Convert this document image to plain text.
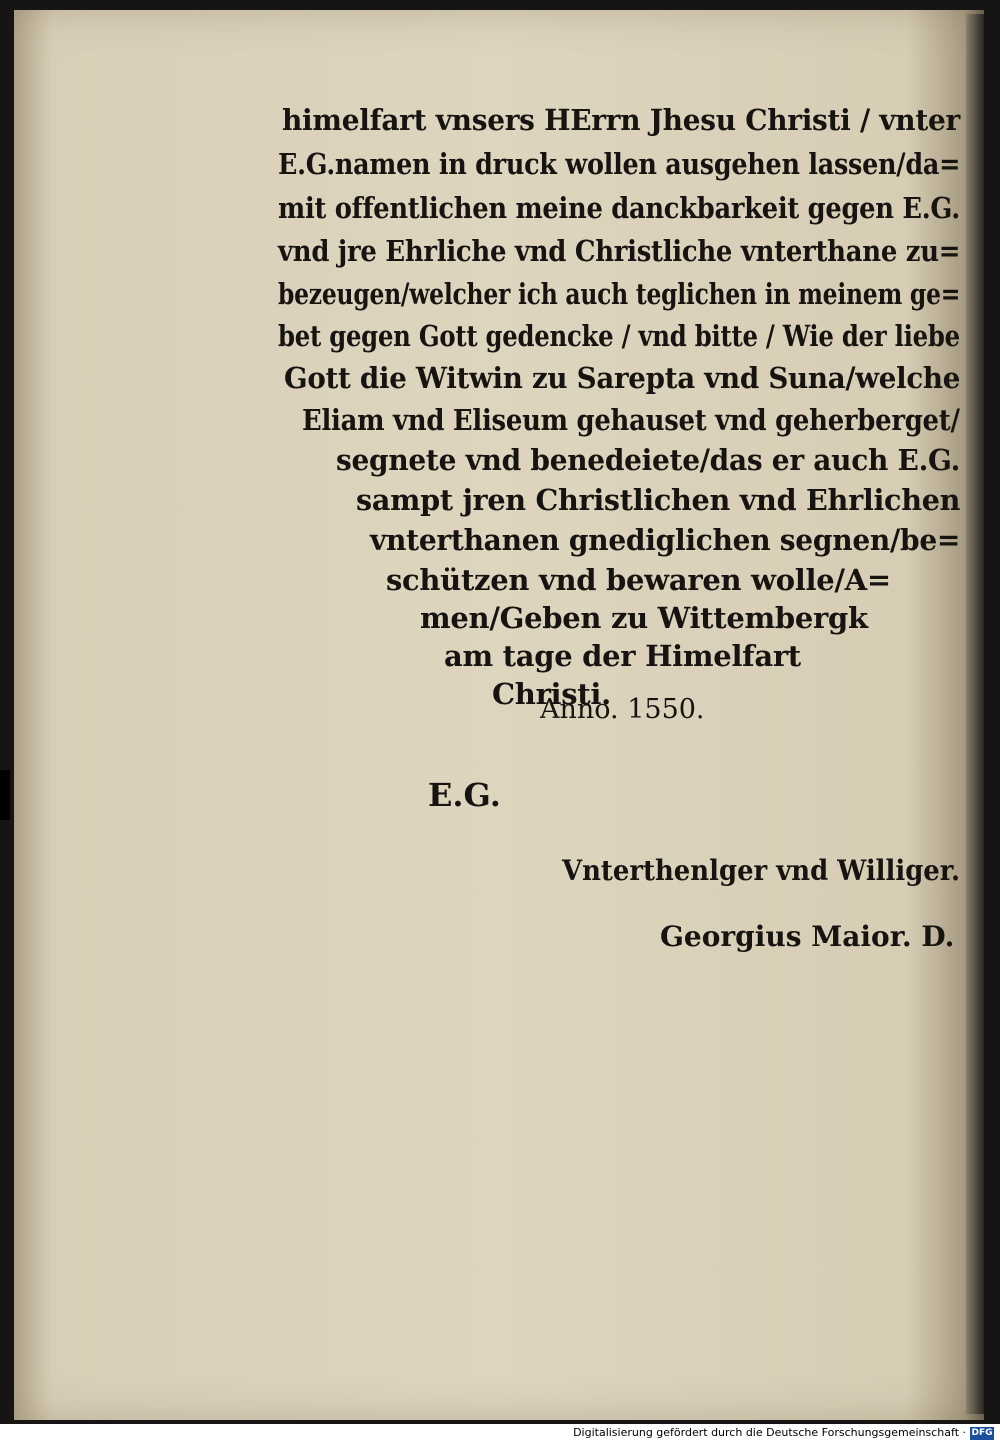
himelfart vnsers HErrn Jhesu Christi / vnter
E.G.namen in druck wollen ausgehen lassen/da=
mit offentlichen meine danckbarkeit gegen E.G.
vnd jre Ehrliche vnd Christliche vnterthane zu=
bezeugen/welcher ich auch teglichen in meinem ge=
bet gegen Gott gedencke / vnd bitte / Wie der liebe
Gott die Witwin zu Sarepta vnd Suna/welche
Eliam vnd Eliseum gehauset vnd geherberget/
segnete vnd benedeiete/das er auch E.G.
sampt jren Christlichen vnd Ehrlichen
vnterthanen gnediglichen segnen/be=
schützen vnd bewaren wolle/A=
men/Geben zu Wittembergk
am tage der Himelfart
Christi.
Anno. 1550.
E.G.
Vnterthenlger vnd Williger.
Georgius Maior. D.
Digitalisierung gefördert durch die Deutsche Forschungsgemeinschaft · DFG
